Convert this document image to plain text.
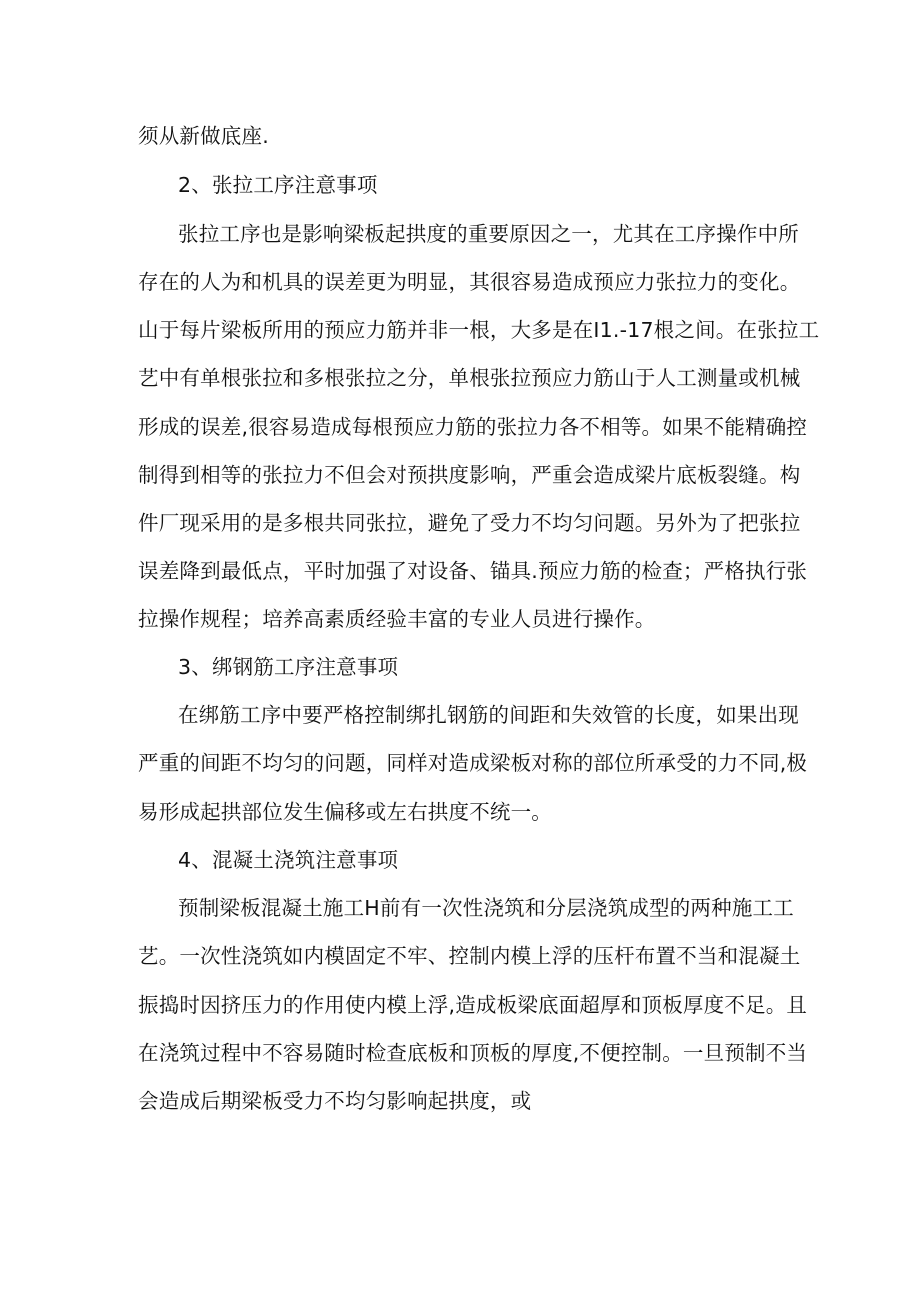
须从新做底座.
2、张拉工序注意事项
张拉工序也是影响梁板起拱度的重要原因之一，尤其在工序操作中所
存在的人为和机具的误差更为明显，其很容易造成预应力张拉力的变化。
山于每片梁板所用的预应力筋并非一根，大多是在I1.-17根之间。在张拉工
艺中有单根张拉和多根张拉之分，单根张拉预应力筋山于人工测量或机械
形成的误差,很容易造成每根预应力筋的张拉力各不相等。如果不能精确控
制得到相等的张拉力不但会对预拱度影响，严重会造成梁片底板裂缝。构
件厂现采用的是多根共同张拉，避免了受力不均匀问题。另外为了把张拉
误差降到最低点，平时加强了对设备、锚具.预应力筋的检查；严格执行张
拉操作规程；培养高素质经验丰富的专业人员进行操作。
3、绑钢筋工序注意事项
在绑筋工序中要严格控制绑扎钢筋的间距和失效管的长度，如果出现
严重的间距不均匀的问题，同样对造成梁板对称的部位所承受的力不同,极
易形成起拱部位发生偏移或左右拱度不统一。
4、混凝土浇筑注意事项
预制梁板混凝土施工H前有一次性浇筑和分层浇筑成型的两种施工工
艺。一次性浇筑如内模固定不牢、控制内模上浮的压杆布置不当和混凝土
振捣时因挤压力的作用使内模上浮,造成板梁底面超厚和顶板厚度不足。且
在浇筑过程中不容易随时检查底板和顶板的厚度,不便控制。一旦预制不当
会造成后期梁板受力不均匀影响起拱度，或
